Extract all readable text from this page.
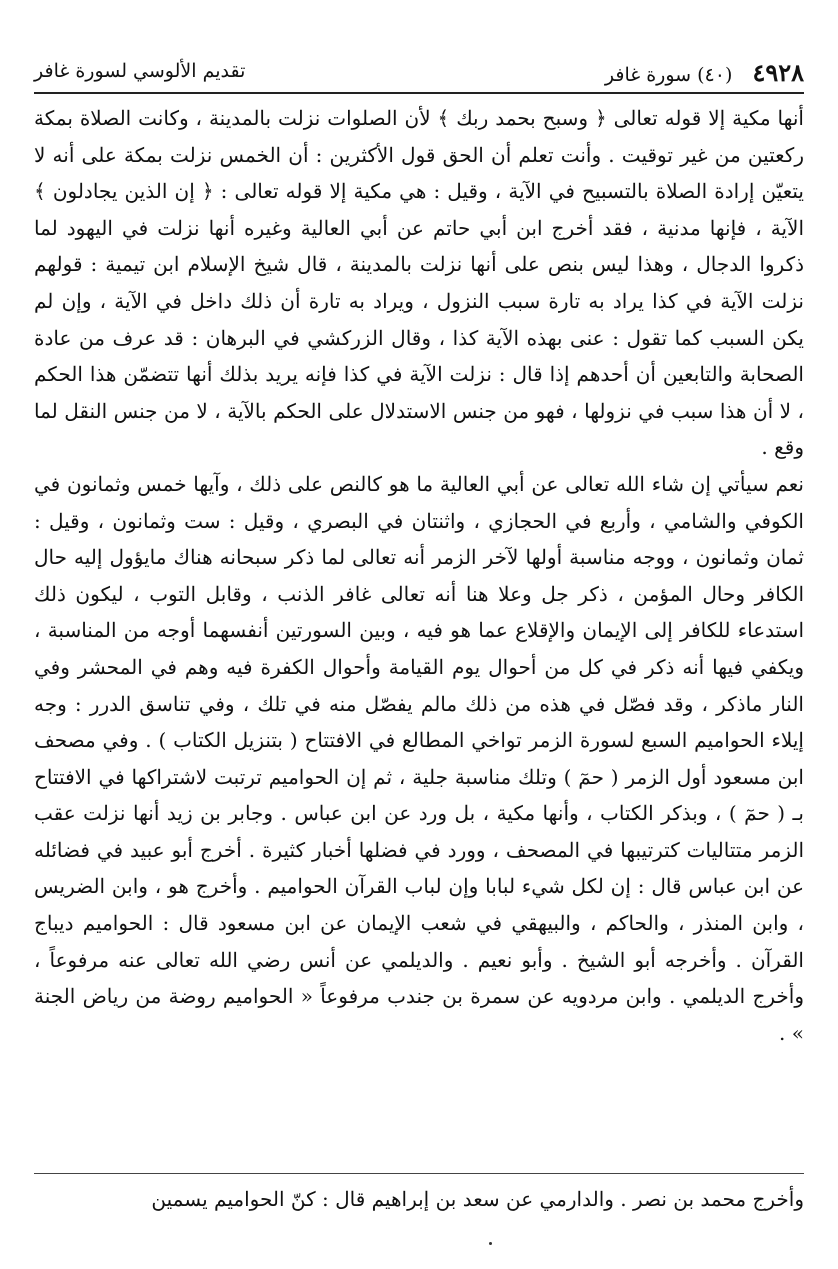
٤٩٢٨ (٤٠) سورة غافر
تقديم الألوسي لسورة غافر

أنها مكية إلا قوله تعالى ﴿ وسبح بحمد ربك ﴾ لأن الصلوات نزلت بالمدينة ، وكانت الصلاة بمكة ركعتين من غير توقيت . وأنت تعلم أن الحق قول الأكثرين : أن الخمس نزلت بمكة على أنه لا يتعيّن إرادة الصلاة بالتسبيح في الآية ، وقيل : هي مكية إلا قوله تعالى : ﴿ إن الذين يجادلون ﴾ الآية ، فإنها مدنية ، فقد أخرج ابن أبي حاتم عن أبي العالية وغيره أنها نزلت في اليهود لما ذكروا الدجال ، وهذا ليس بنص على أنها نزلت بالمدينة ، قال شيخ الإسلام ابن تيمية : قولهم نزلت الآية في كذا يراد به تارة سبب النزول ، ويراد به تارة أن ذلك داخل في الآية ، وإن لم يكن السبب كما تقول : عنى بهذه الآية كذا ، وقال الزركشي في البرهان : قد عرف من عادة الصحابة والتابعين أن أحدهم إذا قال : نزلت الآية في كذا فإنه يريد بذلك أنها تتضمّن هذا الحكم ، لا أن هذا سبب في نزولها ، فهو من جنس الاستدلال على الحكم بالآية ، لا من جنس النقل لما وقع .

نعم سيأتي إن شاء الله تعالى عن أبي العالية ما هو كالنص على ذلك ، وآيها خمس وثمانون في الكوفي والشامي ، وأربع في الحجازي ، واثنتان في البصري ، وقيل : ست وثمانون ، وقيل : ثمان وثمانون ، ووجه مناسبة أولها لآخر الزمر أنه تعالى لما ذكر سبحانه هناك مايؤول إليه حال الكافر وحال المؤمن ، ذكر جل وعلا هنا أنه تعالى غافر الذنب ، وقابل التوب ، ليكون ذلك استدعاء للكافر إلى الإيمان والإقلاع عما هو فيه ، وبين السورتين أنفسهما أوجه من المناسبة ، ويكفي فيها أنه ذكر في كل من أحوال يوم القيامة وأحوال الكفرة فيه وهم في المحشر وفي النار ماذكر ، وقد فصّل في هذه من ذلك مالم يفصّل منه في تلك ، وفي تناسق الدرر : وجه إيلاء الحواميم السبع لسورة الزمر تواخي المطالع في الافتتاح ( بتنزيل الكتاب ) . وفي مصحف ابن مسعود أول الزمر ( حمٓ ) وتلك مناسبة جلية ، ثم إن الحواميم ترتبت لاشتراكها في الافتتاح بـ ( حمٓ ) ، وبذكر الكتاب ، وأنها مكية ، بل ورد عن ابن عباس . وجابر بن زيد أنها نزلت عقب الزمر متتاليات كترتيبها في المصحف ، وورد في فضلها أخبار كثيرة . أخرج أبو عبيد في فضائله عن ابن عباس قال : إن لكل شيء لبابا وإن لباب القرآن الحواميم . وأخرج هو ، وابن الضريس ، وابن المنذر ، والحاكم ، والبيهقي في شعب الإيمان عن ابن مسعود قال : الحواميم ديباج القرآن . وأخرجه أبو الشيخ . وأبو نعيم . والديلمي عن أنس رضي الله تعالى عنه مرفوعاً ، وأخرج الديلمي . وابن مردويه عن سمرة بن جندب مرفوعاً « الحواميم روضة من رياض الجنة » .

وأخرج محمد بن نصر . والدارمي عن سعد بن إبراهيم قال : كنّ الحواميم يسمين
